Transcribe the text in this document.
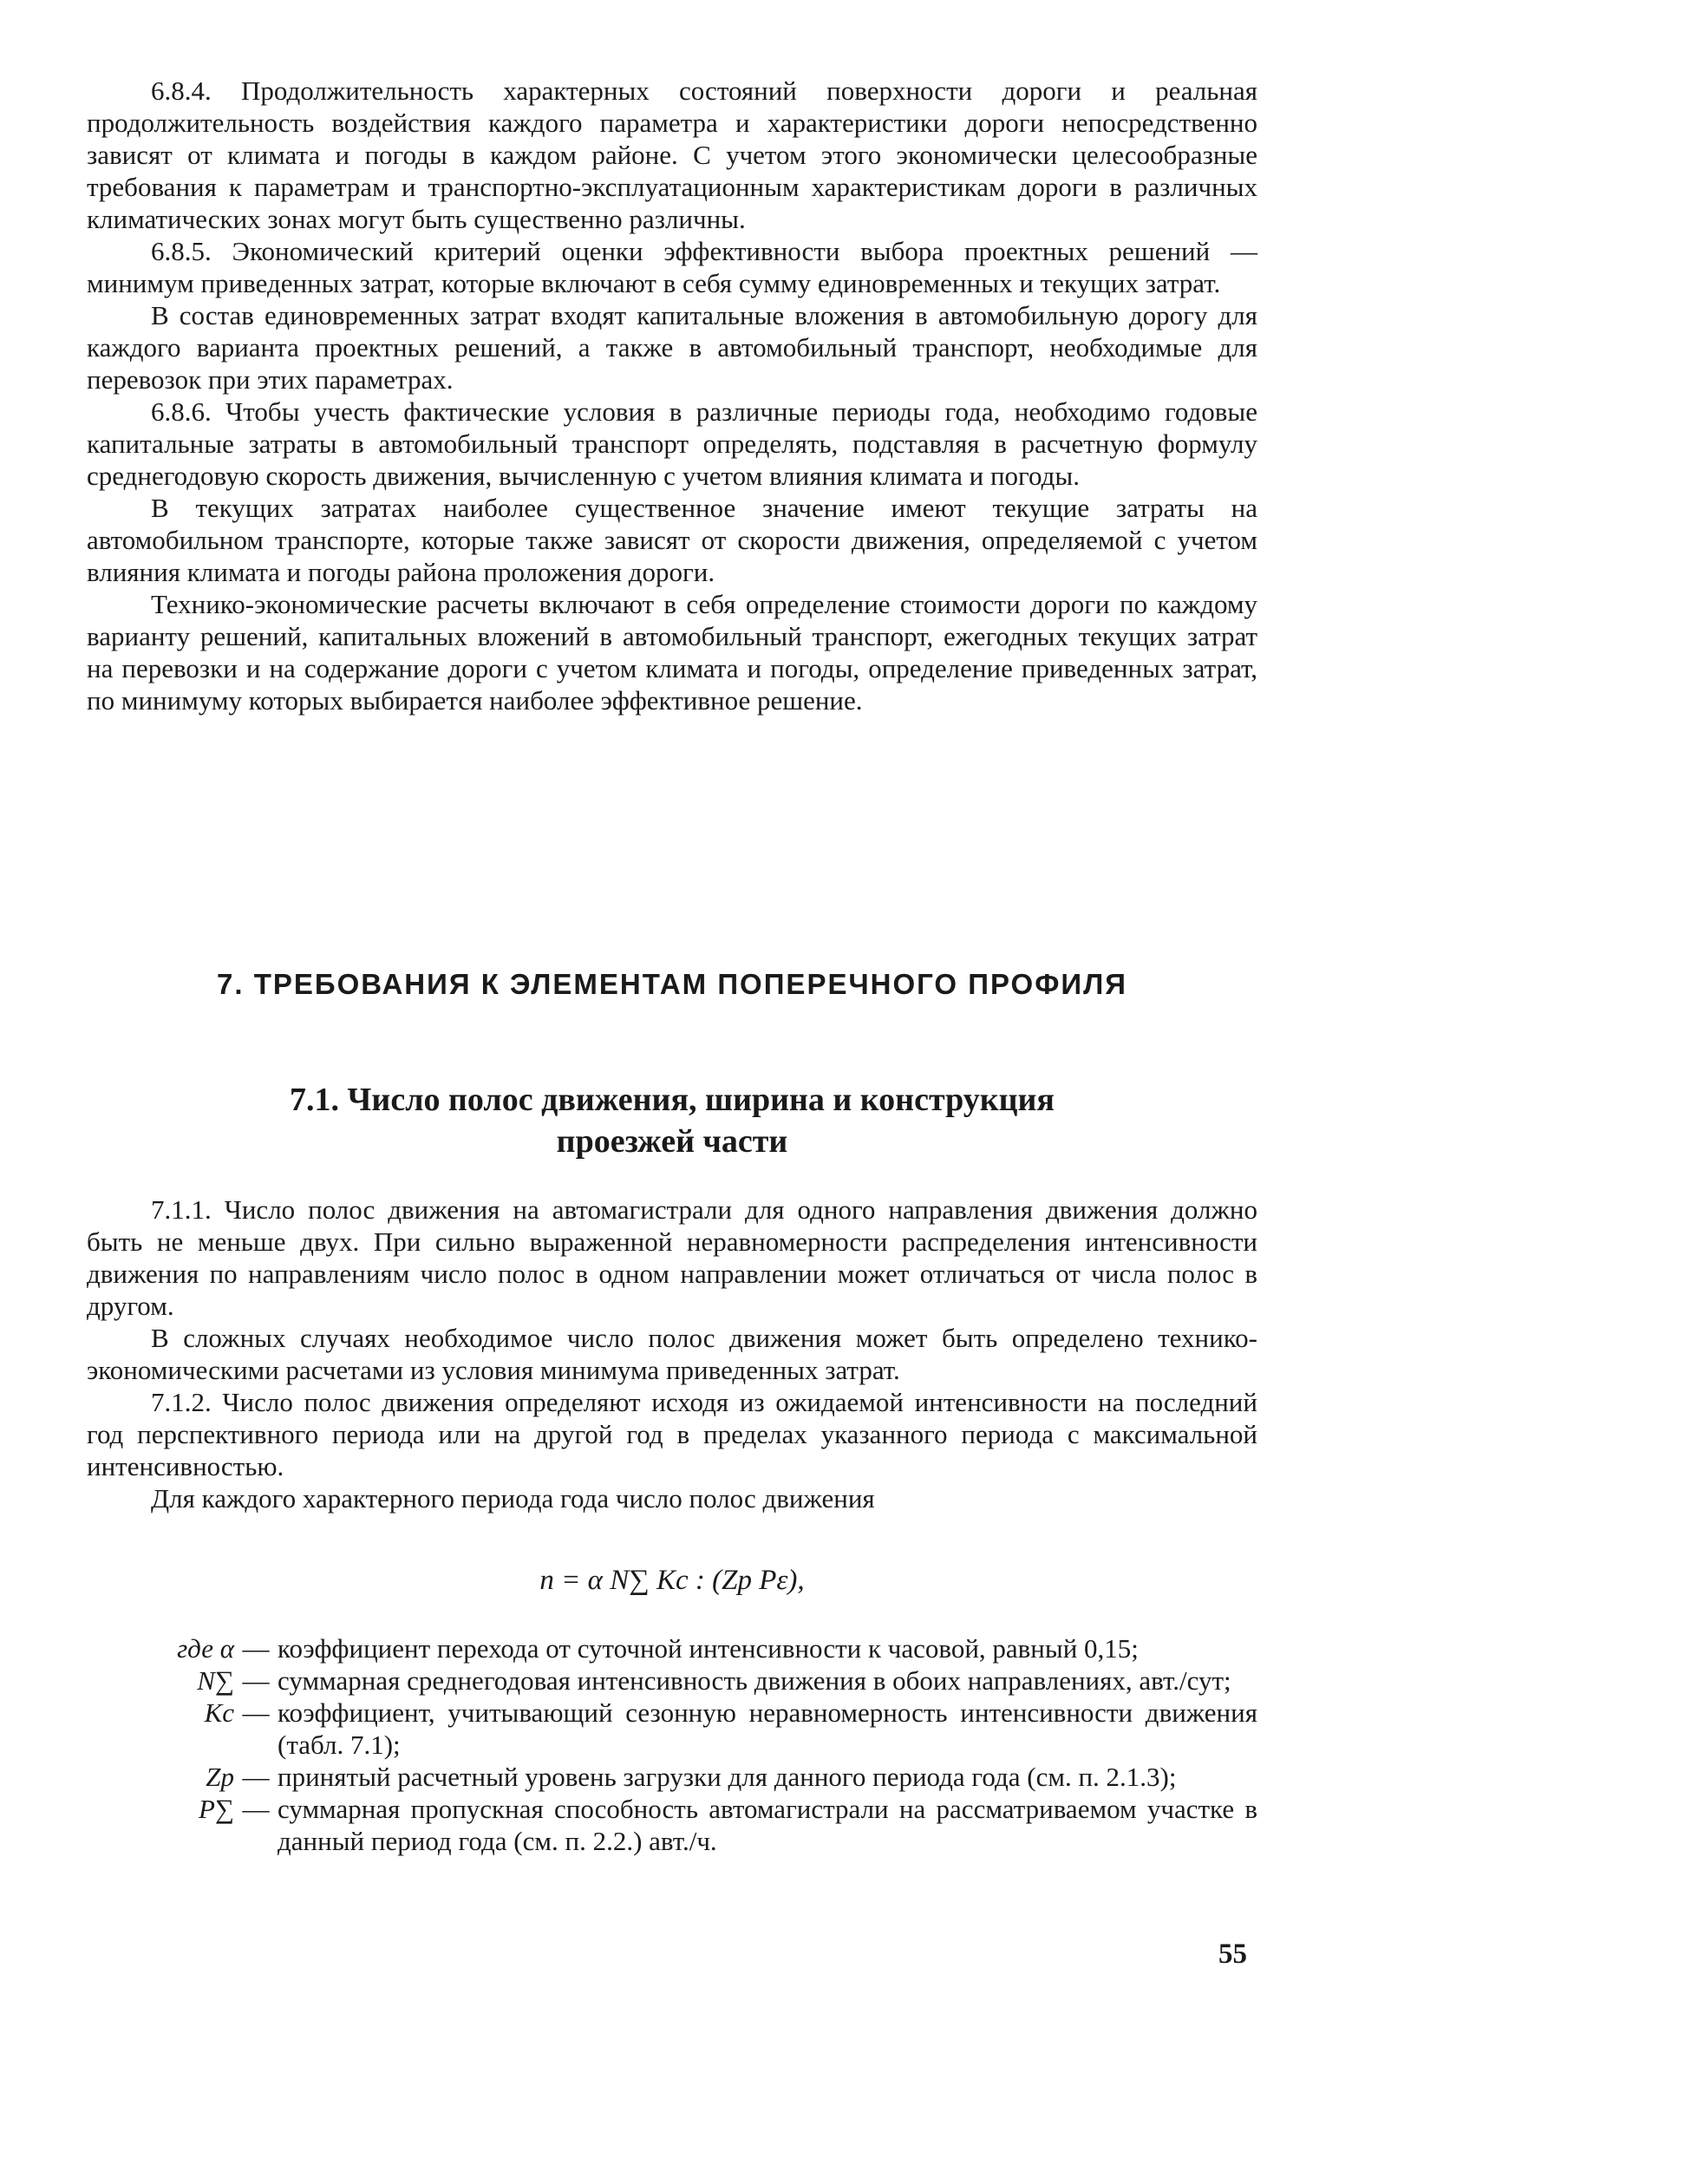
6.8.4. Продолжительность характерных состояний поверхности дороги и реальная продолжительность воздействия каждого параметра и характеристики дороги непосредственно зависят от климата и погоды в каждом районе. С учетом этого экономически целесообразные требования к параметрам и транспортно-эксплуатационным характеристикам дороги в различных климатических зонах могут быть существенно различны.

6.8.5. Экономический критерий оценки эффективности выбора проектных решений — минимум приведенных затрат, которые включают в себя сумму единовременных и текущих затрат.

В состав единовременных затрат входят капитальные вложения в автомобильную дорогу для каждого варианта проектных решений, а также в автомобильный транспорт, необходимые для перевозок при этих параметрах.

6.8.6. Чтобы учесть фактические условия в различные периоды года, необходимо годовые капитальные затраты в автомобильный транспорт определять, подставляя в расчетную формулу среднегодовую скорость движения, вычисленную с учетом влияния климата и погоды.

В текущих затратах наиболее существенное значение имеют текущие затраты на автомобильном транспорте, которые также зависят от скорости движения, определяемой с учетом влияния климата и погоды района проложения дороги.

Технико-экономические расчеты включают в себя определение стоимости дороги по каждому варианту решений, капитальных вложений в автомобильный транспорт, ежегодных текущих затрат на перевозки и на содержание дороги с учетом климата и погоды, определение приведенных затрат, по минимуму которых выбирается наиболее эффективное решение.

7. ТРЕБОВАНИЯ К ЭЛЕМЕНТАМ ПОПЕРЕЧНОГО ПРОФИЛЯ
7.1. Число полос движения, ширина и конструкция
проезжей части

7.1.1. Число полос движения на автомагистрали для одного направления движения должно быть не меньше двух. При сильно выраженной неравномерности распределения интенсивности движения по направлениям число полос в одном направлении может отличаться от числа полос в другом.

В сложных случаях необходимое число полос движения может быть определено технико-экономическими расчетами из условия минимума приведенных затрат.

7.1.2. Число полос движения определяют исходя из ожидаемой интенсивности на последний год перспективного периода или на другой год в пределах указанного периода с максимальной интенсивностью.

Для каждого характерного периода года число полос движения

n = α N∑ Kс : (Zр Pε),
где α — коэффициент перехода от суточной интенсивности к часовой, равный 0,15;
N∑ — суммарная среднегодовая интенсивность движения в обоих направлениях, авт./сут;
Kс — коэффициент, учитывающий сезонную неравномерность интенсивности движения (табл. 7.1);
Zр — принятый расчетный уровень загрузки для данного периода года (см. п. 2.1.3);
P∑ — суммарная пропускная способность автомагистрали на рассматриваемом участке в данный период года (см. п. 2.2.) авт./ч.
55
